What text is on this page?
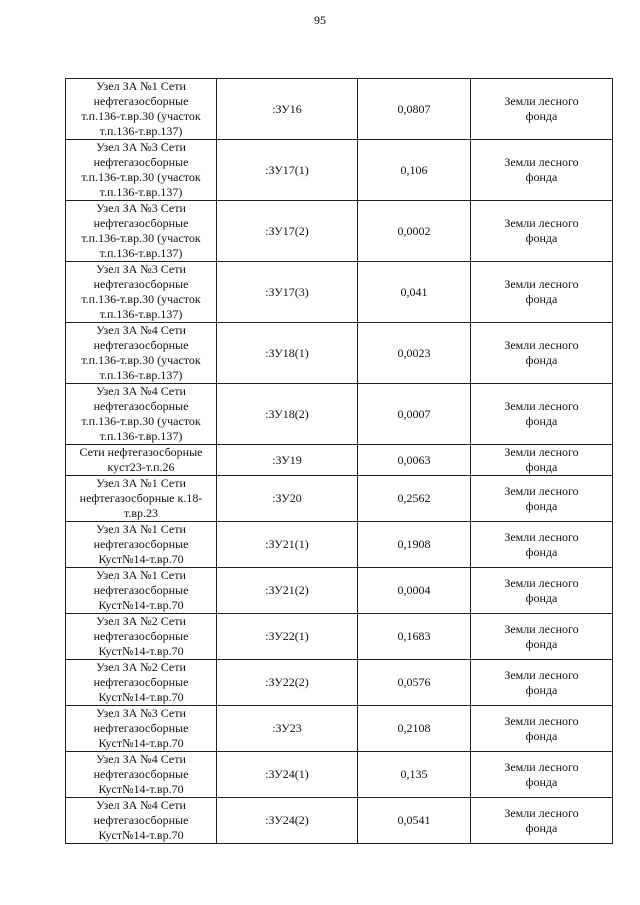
95
Узел ЗА №1 Сети
нефтегазосборные
т.п.136-т.вр.30 (участок
т.п.136-т.вр.137)	:ЗУ16	0,0807	Земли лесного
фонда
Узел ЗА №3 Сети
нефтегазосборные
т.п.136-т.вр.30 (участок
т.п.136-т.вр.137)	:ЗУ17(1)	0,106	Земли лесного
фонда
Узел ЗА №3 Сети
нефтегазосборные
т.п.136-т.вр.30 (участок
т.п.136-т.вр.137)	:ЗУ17(2)	0,0002	Земли лесного
фонда
Узел ЗА №3 Сети
нефтегазосборные
т.п.136-т.вр.30 (участок
т.п.136-т.вр.137)	:ЗУ17(3)	0,041	Земли лесного
фонда
Узел ЗА №4 Сети
нефтегазосборные
т.п.136-т.вр.30 (участок
т.п.136-т.вр.137)	:ЗУ18(1)	0,0023	Земли лесного
фонда
Узел ЗА №4 Сети
нефтегазосборные
т.п.136-т.вр.30 (участок
т.п.136-т.вр.137)	:ЗУ18(2)	0,0007	Земли лесного
фонда
Сети нефтегазосборные
куст23-т.п.26	:ЗУ19	0,0063	Земли лесного
фонда
Узел ЗА №1 Сети
нефтегазосборные к.18-
т.вр.23	:ЗУ20	0,2562	Земли лесного
фонда
Узел ЗА №1 Сети
нефтегазосборные
Куст№14-т.вр.70	:ЗУ21(1)	0,1908	Земли лесного
фонда
Узел ЗА №1 Сети
нефтегазосборные
Куст№14-т.вр.70	:ЗУ21(2)	0,0004	Земли лесного
фонда
Узел ЗА №2 Сети
нефтегазосборные
Куст№14-т.вр.70	:ЗУ22(1)	0,1683	Земли лесного
фонда
Узел ЗА №2 Сети
нефтегазосборные
Куст№14-т.вр.70	:ЗУ22(2)	0,0576	Земли лесного
фонда
Узел ЗА №3 Сети
нефтегазосборные
Куст№14-т.вр.70	:ЗУ23	0,2108	Земли лесного
фонда
Узел ЗА №4 Сети
нефтегазосборные
Куст№14-т.вр.70	:ЗУ24(1)	0,135	Земли лесного
фонда
Узел ЗА №4 Сети
нефтегазосборные
Куст№14-т.вр.70	:ЗУ24(2)	0,0541	Земли лесного
фонда
